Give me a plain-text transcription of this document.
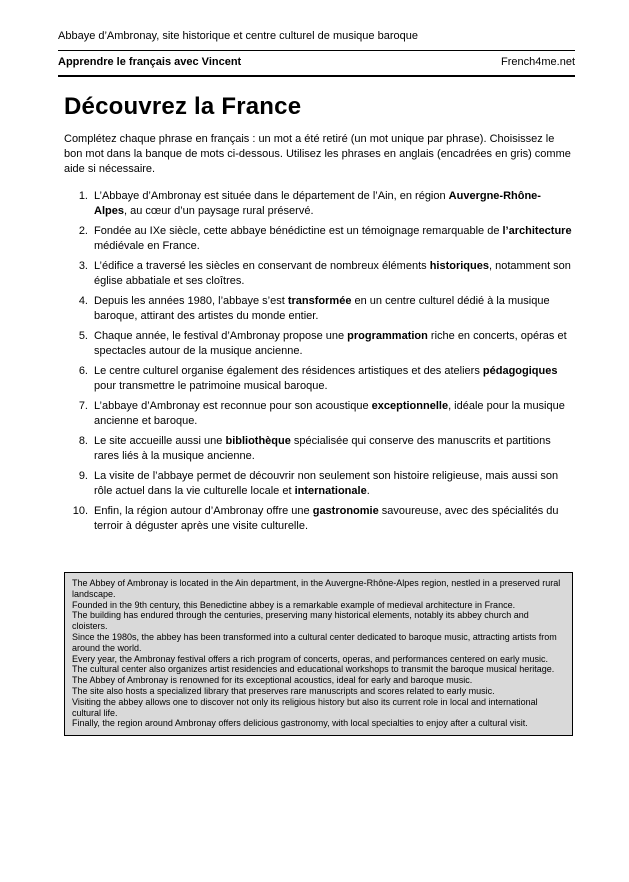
Abbaye d’Ambronay, site historique et centre culturel de musique baroque
Apprendre le français avec Vincent	French4me.net
Découvrez la France

Complétez chaque phrase en français : un mot a été retiré (un mot unique par phrase). Choisissez le bon mot dans la banque de mots ci-dessous. Utilisez les phrases en anglais (encadrées en gris) comme aide si nécessaire.

1. L’Abbaye d’Ambronay est située dans le département de l’Ain, en région Auvergne-Rhône-Alpes, au cœur d’un paysage rural préservé.

2. Fondée au IXe siècle, cette abbaye bénédictine est un témoignage remarquable de l’architecture médiévale en France.

3. L’édifice a traversé les siècles en conservant de nombreux éléments historiques, notamment son église abbatiale et ses cloîtres.

4. Depuis les années 1980, l’abbaye s’est transformée en un centre culturel dédié à la musique baroque, attirant des artistes du monde entier.

5. Chaque année, le festival d’Ambronay propose une programmation riche en concerts, opéras et spectacles autour de la musique ancienne.

6. Le centre culturel organise également des résidences artistiques et des ateliers pédagogiques pour transmettre le patrimoine musical baroque.

7. L’abbaye d’Ambronay est reconnue pour son acoustique exceptionnelle, idéale pour la musique ancienne et baroque.

8. Le site accueille aussi une bibliothèque spécialisée qui conserve des manuscrits et partitions rares liés à la musique ancienne.

9. La visite de l’abbaye permet de découvrir non seulement son histoire religieuse, mais aussi son rôle actuel dans la vie culturelle locale et internationale.

10. Enfin, la région autour d’Ambronay offre une gastronomie savoureuse, avec des spécialités du terroir à déguster après une visite culturelle.

The Abbey of Ambronay is located in the Ain department, in the Auvergne-Rhône-Alpes region, nestled in a preserved rural landscape.

Founded in the 9th century, this Benedictine abbey is a remarkable example of medieval architecture in France.

The building has endured through the centuries, preserving many historical elements, notably its abbey church and cloisters.

Since the 1980s, the abbey has been transformed into a cultural center dedicated to baroque music, attracting artists from around the world.

Every year, the Ambronay festival offers a rich program of concerts, operas, and performances centered on early music.

The cultural center also organizes artist residencies and educational workshops to transmit the baroque musical heritage.

The Abbey of Ambronay is renowned for its exceptional acoustics, ideal for early and baroque music.

The site also hosts a specialized library that preserves rare manuscripts and scores related to early music.

Visiting the abbey allows one to discover not only its religious history but also its current role in local and international cultural life.

Finally, the region around Ambronay offers delicious gastronomy, with local specialties to enjoy after a cultural visit.
